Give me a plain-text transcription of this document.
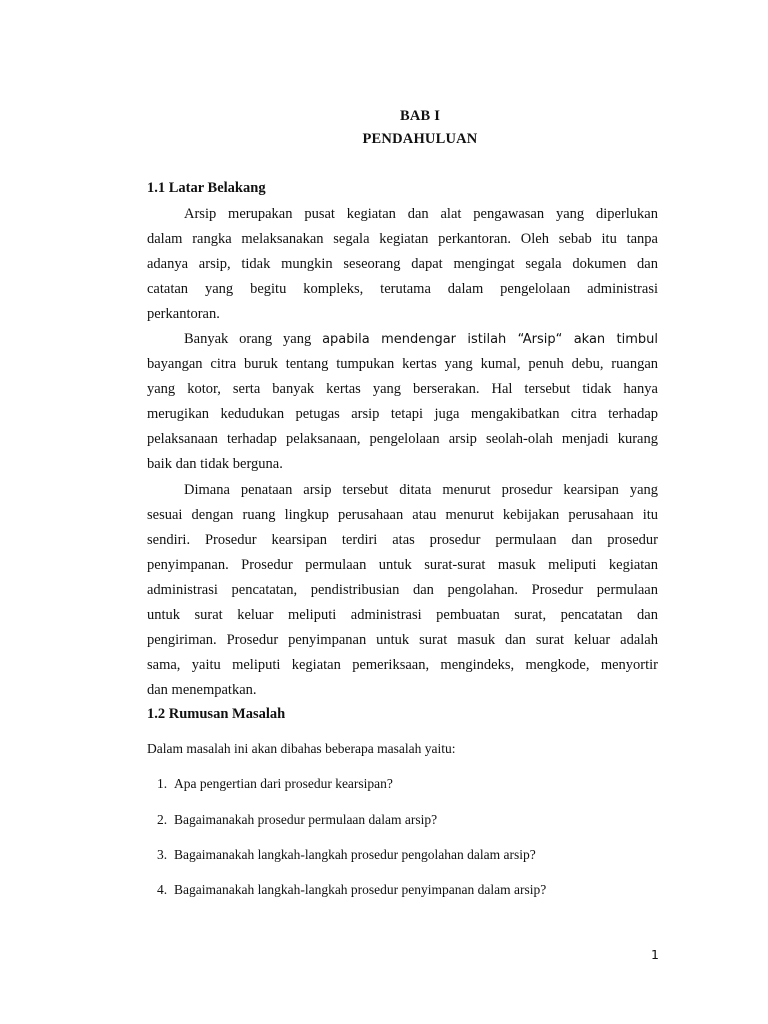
BAB I
PENDAHULUAN
1.1 Latar Belakang
Arsip merupakan pusat kegiatan dan alat pengawasan yang diperlukan
dalam rangka melaksanakan segala kegiatan perkantoran. Oleh sebab itu tanpa
adanya arsip, tidak mungkin seseorang dapat mengingat segala dokumen dan
catatan yang begitu kompleks, terutama dalam pengelolaan administrasi
perkantoran.
Banyak orang yang apabila mendengar istilah “Arsip“ akan timbul
bayangan citra buruk tentang tumpukan kertas yang kumal, penuh debu, ruangan
yang kotor, serta banyak kertas yang berserakan. Hal tersebut tidak hanya
merugikan kedudukan petugas arsip tetapi juga mengakibatkan citra terhadap
pelaksanaan terhadap pelaksanaan, pengelolaan arsip seolah-olah menjadi kurang
baik dan tidak berguna.
Dimana penataan arsip tersebut ditata menurut prosedur kearsipan yang
sesuai dengan ruang lingkup perusahaan atau menurut kebijakan perusahaan itu
sendiri. Prosedur kearsipan terdiri atas prosedur permulaan dan prosedur
penyimpanan. Prosedur permulaan untuk surat-surat masuk meliputi kegiatan
administrasi pencatatan, pendistribusian dan pengolahan. Prosedur permulaan
untuk surat keluar meliputi administrasi pembuatan surat, pencatatan dan
pengiriman. Prosedur penyimpanan untuk surat masuk dan surat keluar adalah
sama, yaitu meliputi kegiatan pemeriksaan, mengindeks, mengkode, menyortir
dan menempatkan.
1.2 Rumusan Masalah
Dalam masalah ini akan dibahas beberapa masalah yaitu:
1. Apa pengertian dari prosedur kearsipan?
2. Bagaimanakah prosedur permulaan dalam arsip?
3. Bagaimanakah langkah-langkah prosedur pengolahan dalam arsip?
4. Bagaimanakah langkah-langkah prosedur penyimpanan dalam arsip?
1
